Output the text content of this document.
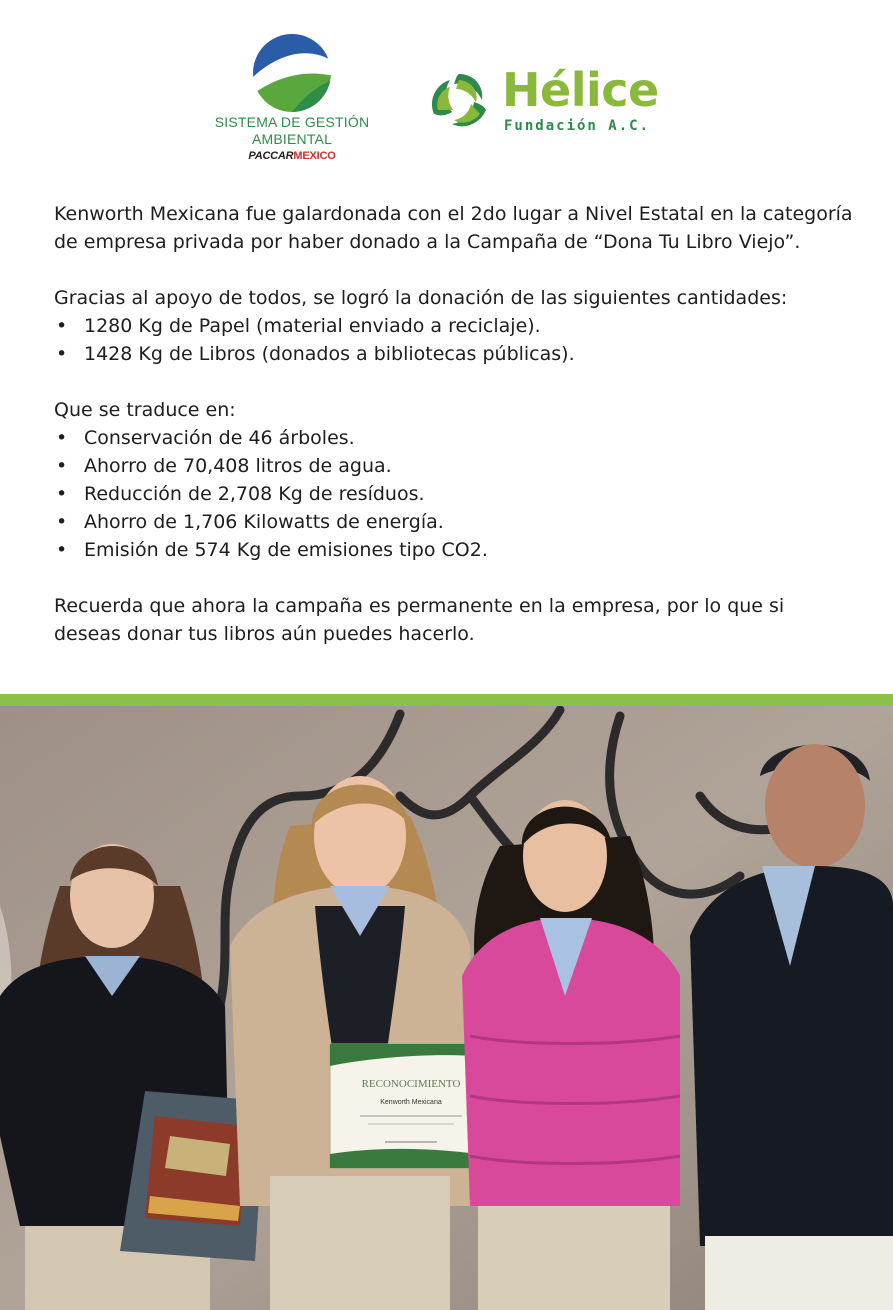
SISTEMA DE GESTIÓN
AMBIENTAL
PACCARMEXICO
Hélice
Fundación A.C.

Kenworth Mexicana fue galardonada con el 2do lugar a Nivel Estatal en la categoría de empresa privada por haber donado a la Campaña de “Dona Tu Libro Viejo”.

Gracias al apoyo de todos, se logró la donación de las siguientes cantidades:
• 1280 Kg de Papel (material enviado a reciclaje).
• 1428 Kg de Libros (donados a bibliotecas públicas).
Que se traduce en:
• Conservación de 46 árboles.
• Ahorro de 70,408 litros de agua.
• Reducción de 2,708 Kg de resíduos.
• Ahorro de 1,706 Kilowatts de energía.
• Emisión de 574 Kg de emisiones tipo CO2.

Recuerda que ahora la campaña es permanente en la empresa, por lo que si deseas donar tus libros aún puedes hacerlo.

RECONOCIMIENTO
Kenworth Mexicana
